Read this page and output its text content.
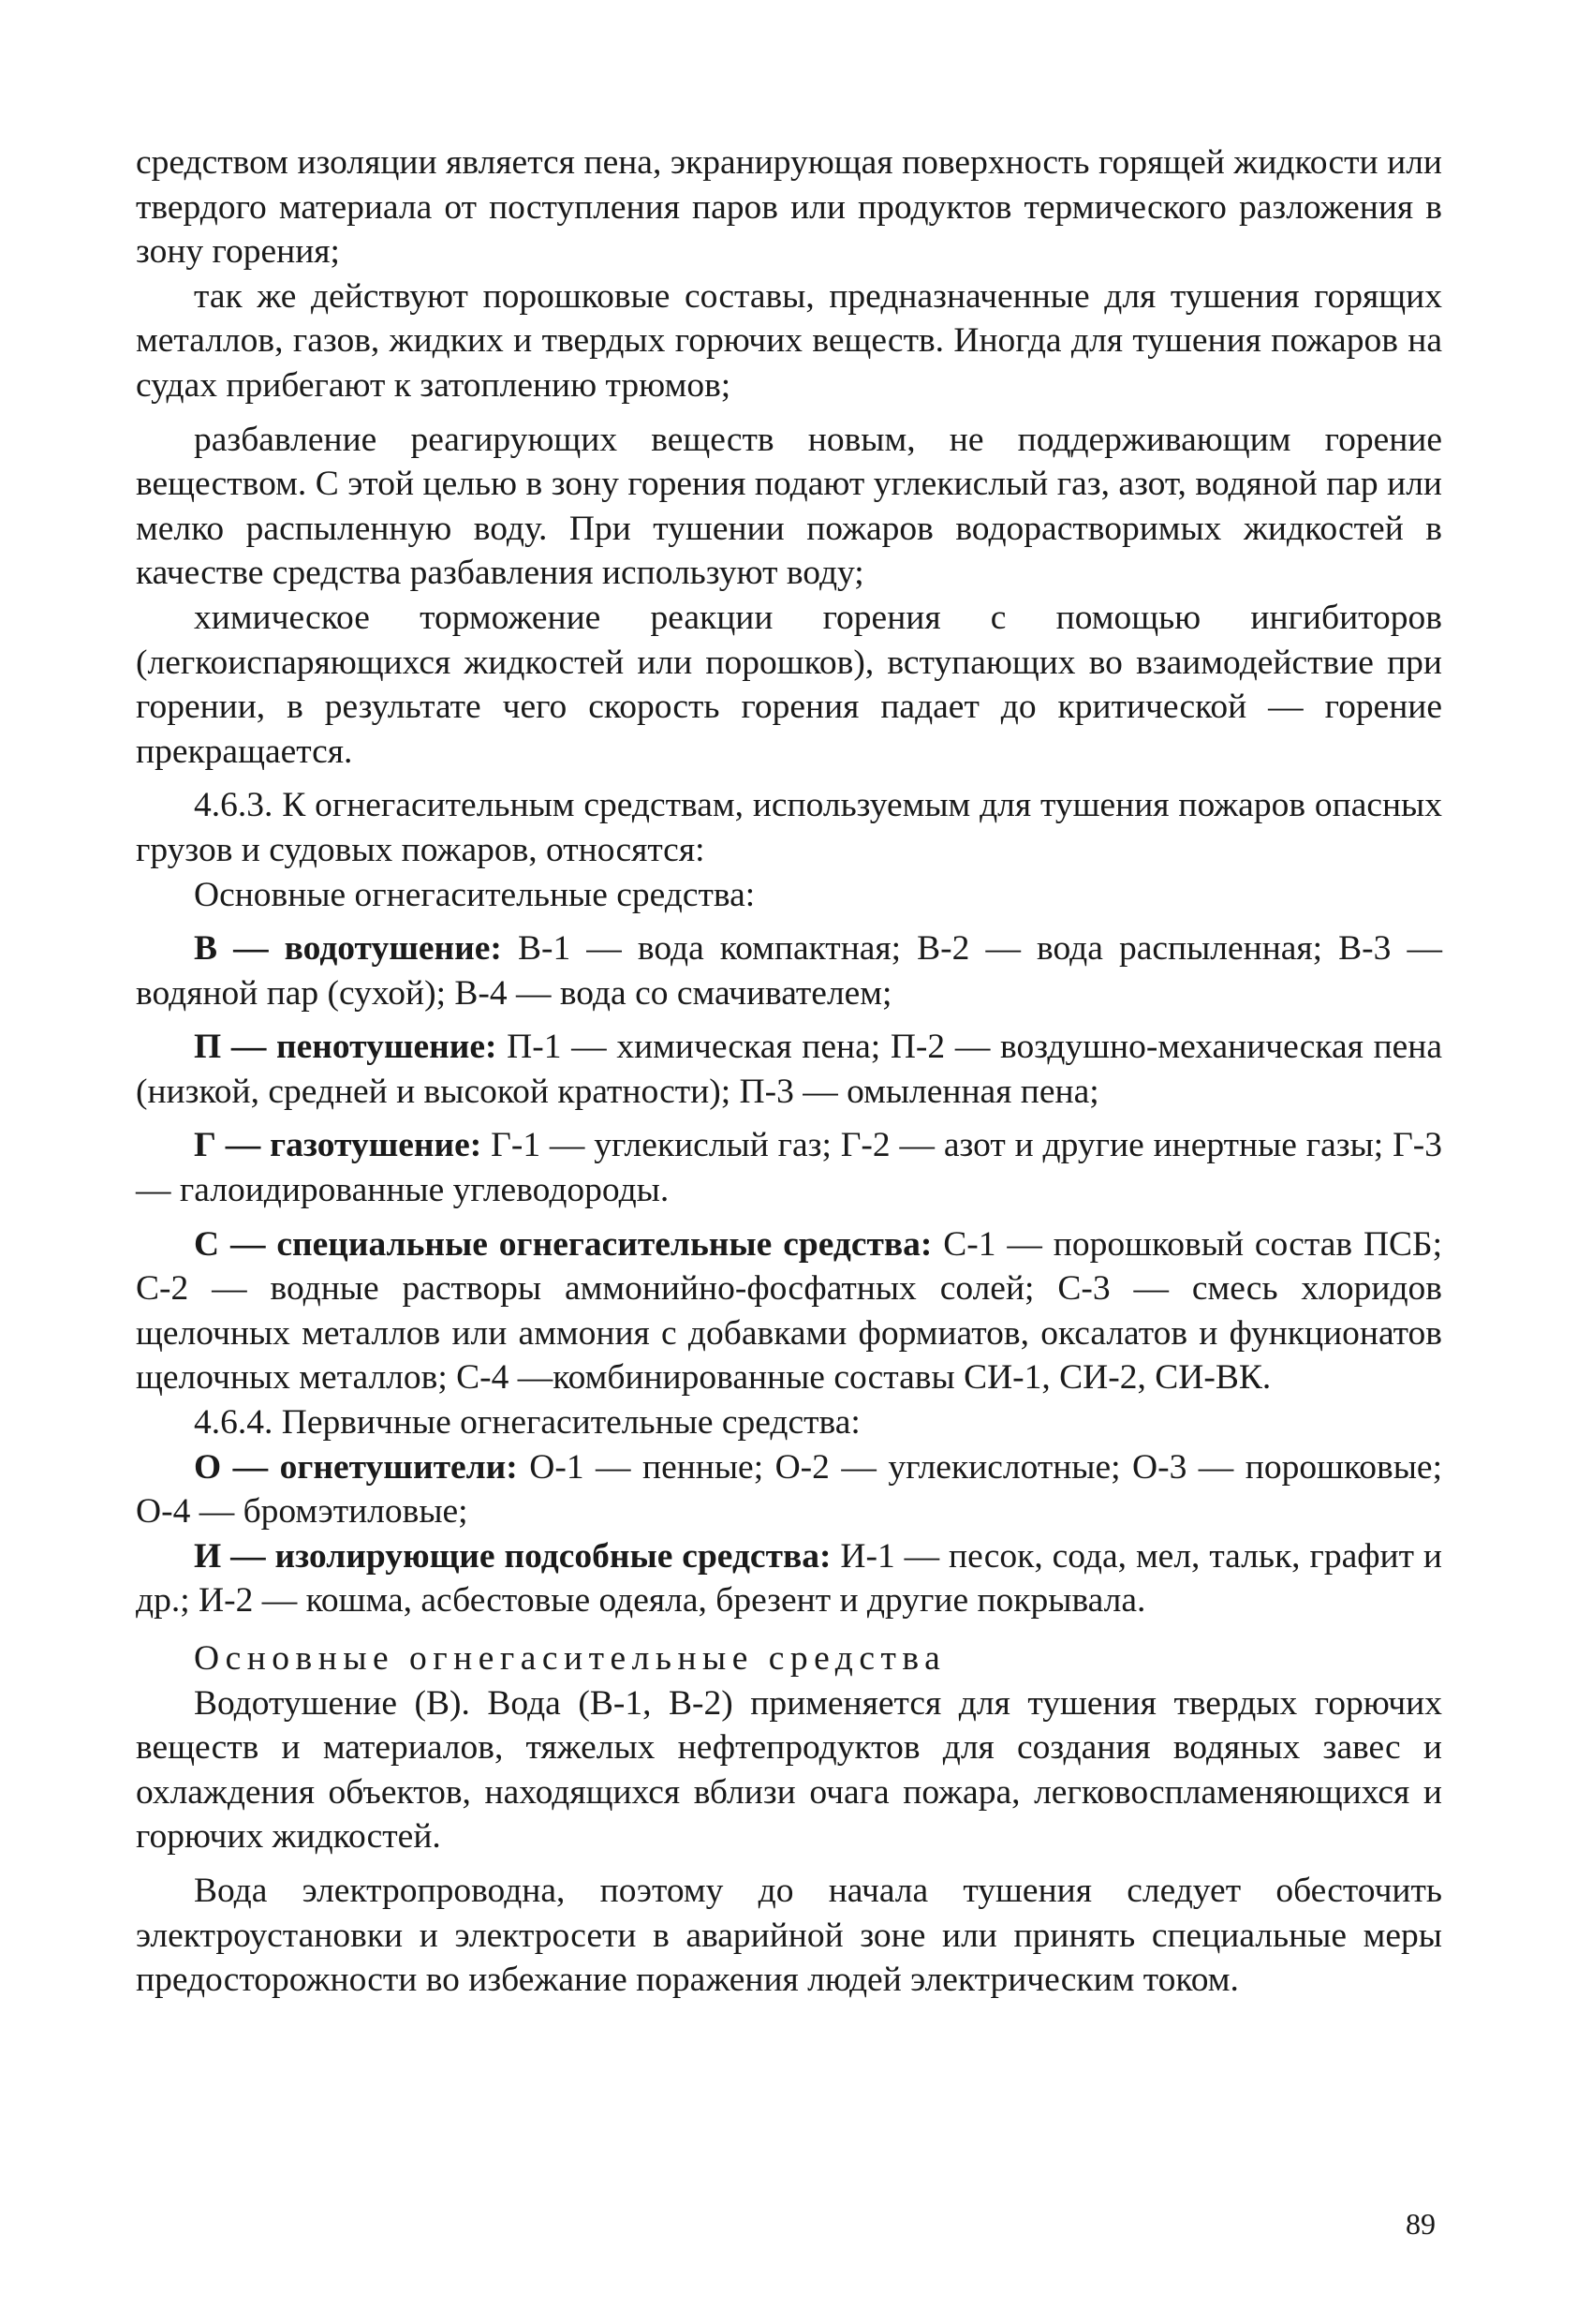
средством изоляции является пена, экранирующая поверхность горящей жидкости или твердого материала от поступления паров или продуктов термического разложения в зону горения;

так же действуют порошковые составы, предназначенные для тушения горящих металлов, газов, жидких и твердых горючих веществ. Иногда для тушения пожаров на судах прибегают к затоплению трюмов;

разбавление реагирующих веществ новым, не поддерживающим горение веществом. С этой целью в зону горения подают углекислый газ, азот, водяной пар или мелко распыленную воду. При тушении пожаров водорастворимых жидкостей в качестве средства разбавления используют воду;

химическое торможение реакции горения с помощью ингибиторов (легкоиспаряющихся жидкостей или порошков), вступающих во взаимодействие при горении, в результате чего скорость горения падает до критической — горение прекращается.

4.6.3. К огнегасительным средствам, используемым для тушения пожаров опасных грузов и судовых пожаров, относятся:

Основные огнегасительные средства:

В — водотушение: В-1 — вода компактная; В-2 — вода распыленная; В-3 — водяной пар (сухой); В-4 — вода со смачивателем;

П — пенотушение: П-1 — химическая пена; П-2 — воздушно-механическая пена (низкой, средней и высокой кратности); П-3 — омыленная пена;

Г — газотушение: Г-1 — углекислый газ; Г-2 — азот и другие инертные газы; Г-3 — галоидированные углеводороды.

С — специальные огнегасительные средства: С-1 — порошковый состав ПСБ; С-2 — водные растворы аммонийно-фосфатных солей; С-3 — смесь хлоридов щелочных металлов или аммония с добавками формиатов, оксалатов и функционатов щелочных металлов; С-4 —комбинированные составы СИ-1, СИ-2, СИ-ВК.

4.6.4. Первичные огнегасительные средства:

О — огнетушители: О-1 — пенные; О-2 — углекислотные; О-3 — порошковые; О-4 — бромэтиловые;

И — изолирующие подсобные средства: И-1 — песок, сода, мел, тальк, графит и др.; И-2 — кошма, асбестовые одеяла, брезент и другие покрывала.

Основные огнегасительные средства

Водотушение (В). Вода (В-1, В-2) применяется для тушения твердых горючих веществ и материалов, тяжелых нефтепродуктов для создания водяных завес и охлаждения объектов, находящихся вблизи очага пожара, легковоспламеняющихся и горючих жидкостей.

Вода электропроводна, поэтому до начала тушения следует обесточить электроустановки и электросети в аварийной зоне или принять специальные меры предосторожности во избежание поражения людей электрическим током.

89
